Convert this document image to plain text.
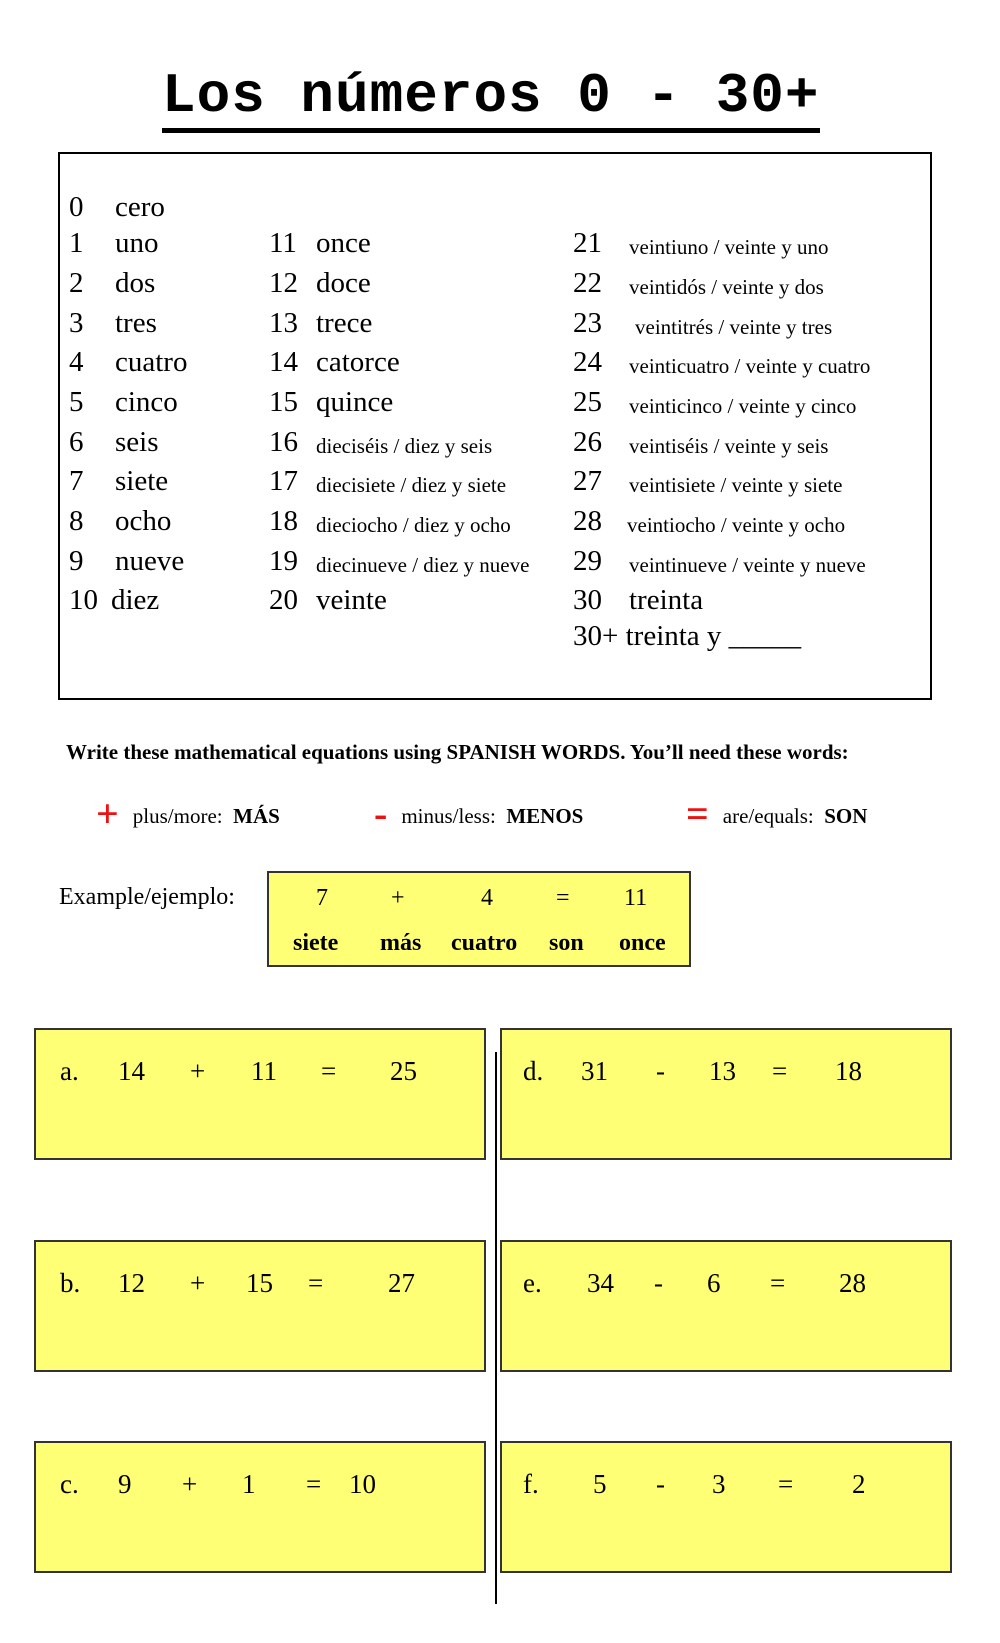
Los números 0 - 30+
0 cero
1 uno
2 dos
3 tres
4 cuatro
5 cinco
6 seis
7 siete
8 ocho
9 nueve
10 diez
11 once
12 doce
13 trece
14 catorce
15 quince
16 dieciséis / diez y seis
17 diecisiete / diez y siete
18 dieciocho / diez y ocho
19 diecinueve / diez y nueve
20 veinte
21 veintiuno / veinte y uno
22 veintidós / veinte y dos
23 veintitrés / veinte y tres
24 veinticuatro / veinte y cuatro
25 veinticinco / veinte y cinco
26 veintiséis / veinte y seis
27 veintisiete / veinte y siete
28 veintiocho / veinte y ocho
29 veintinueve / veinte y nueve
30 treinta
30+ treinta y _____
Write these mathematical equations using SPANISH WORDS. You’ll need these words:
+ plus/more: MÁS - minus/less: MENOS	= are/equals: SON
Example/ejemplo:	7	+	4	= 11
siete más cuatro son once
a. 14 + 11 = 25	d. 31 - 13 = 18
b. 12 + 15 = 27	e. 34 - 6 = 28
c. 9 + 1 = 10	f. 5 - 3 = 2
